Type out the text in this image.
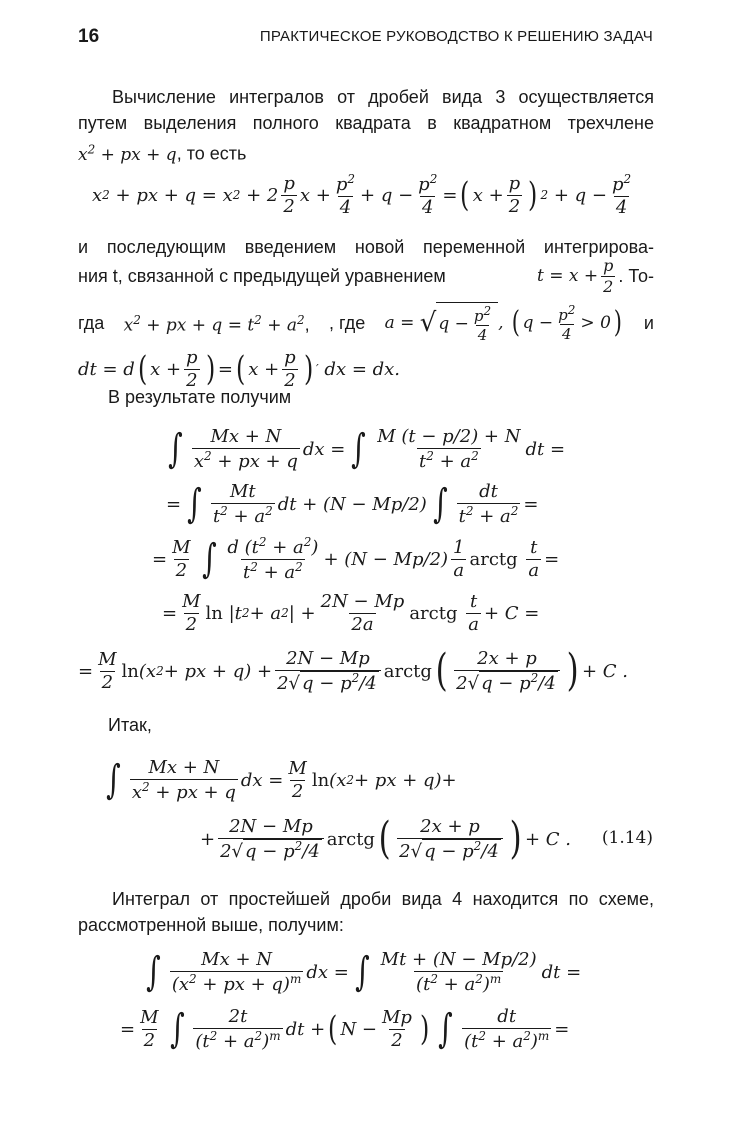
16	ПРАКТИЧЕСКОЕ РУКОВОДСТВО К РЕШЕНИЮ ЗАДАЧ
Вычисление интегралов от дробей вида 3 осуществляется
путем выделения полного квадрата в квадратном трехчлене
$x^2$ + px + q, то есть
x 2 + px + q = x 2 + 2
p
2
x +
$p^2$
4
+ q −
$p^2$
4
= ( x +
p
2 ) 2 + q −
$p^2$
4
и последующим введением новой переменной интегрирова-
ния t, связанной с предыдущей уравнением	t = x +
p
2 . То-
гда $x^2$ + px + $q = t^2 + a^2$, , где a = √ $q - p^2$
4
, ( $q - p^2$
4
> 0 ) и
dt = d ( x +
p
2 ) = ( x +
p
2 ) ′ dx = dx.
В результате получим
∫ Mx + N
$x^2$ + px + q
dx = ∫ M (t − p/2) + N
$t^2 + a^2$	dt =
= ∫ Mt
$t^2 + a^2$ dt + (N − Mp/2) ∫ dt
$t^2 + a^2$ =
=
M
2 ∫ d $(t^2 + a^2)$
$t^2 + a^2 + (N - Mp/2)$
1
a
arctg

t
a
=
=
M
2
ln |t 2 + a 2 | +
2N − Mp
2a
arctg

t
a
+ C =
=
M
2
ln (x 2 + px + q) +
2N − Mp
2√ $q - p^2/4$
arctg ( 2x + p
2√ $q - p^2/4$ ) + C .
Итак,
∫ Mx + N
$x^2$ + px + q
dx =
M
2
ln (x 2 + px + q)+
+
2N − Mp
2√ $q - p^2/4$
arctg ( 2x + p
2√ $q - p^2/4$ ) + C . (1.14)
Интеграл от простейшей дроби вида 4 находится по схеме,
рассмотренной выше, получим:
∫ Mx + N
($x^2$ + px + q)$^m$ dx = ∫ Mt + (N − Mp/2)
$(t^2 + a^2)^m$ dt =
=
M
2 ∫ 2t
$(t^2 + a^2)^m$ dt + ( N −
Mp
2 ) ∫ dt
$(t^2 + a^2)^m$ =
